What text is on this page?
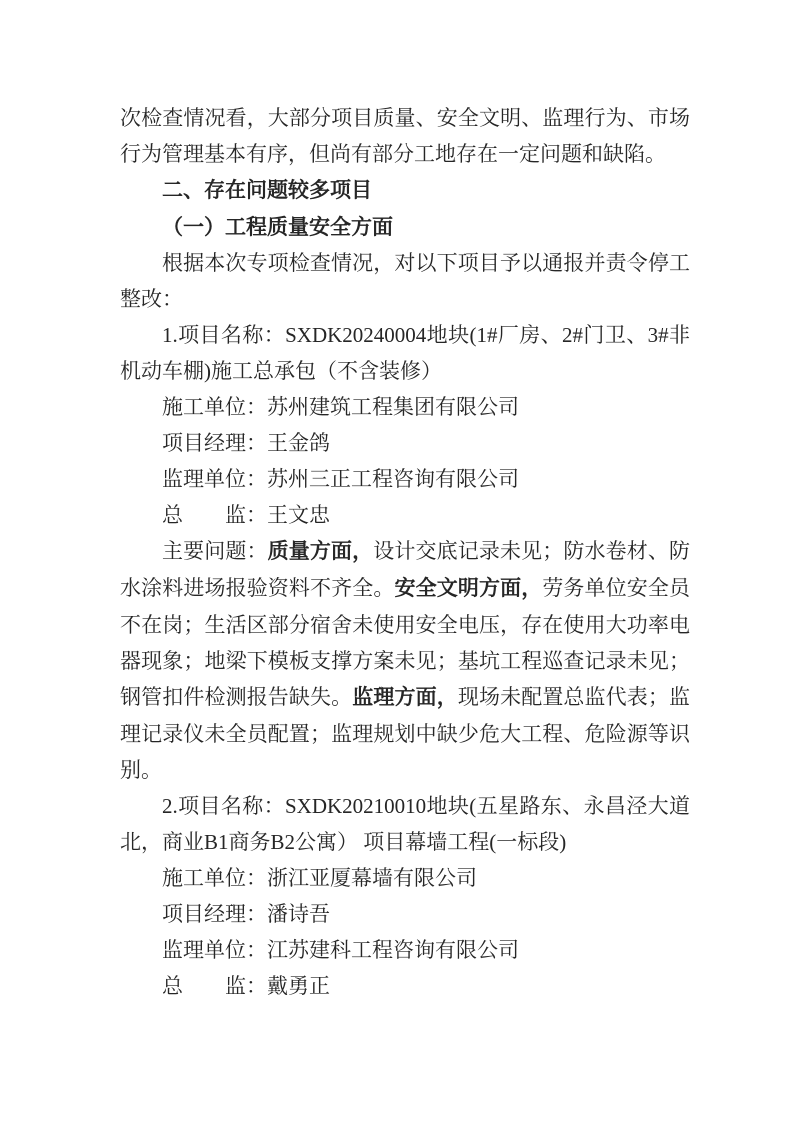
次检查情况看，大部分项目质量、安全文明、监理行为、市场行为管理基本有序，但尚有部分工地存在一定问题和缺陷。

二、存在问题较多项目

（一）工程质量安全方面

根据本次专项检查情况，对以下项目予以通报并责令停工整改：

1.项目名称：SXDK20240004地块(1#厂房、2#门卫、3#非机动车棚)施工总承包（不含装修）

施工单位：苏州建筑工程集团有限公司

项目经理：王金鸽

监理单位：苏州三正工程咨询有限公司

总　　监：王文忠

主要问题：质量方面，设计交底记录未见；防水卷材、防水涂料进场报验资料不齐全。安全文明方面，劳务单位安全员不在岗；生活区部分宿舍未使用安全电压，存在使用大功率电器现象；地梁下模板支撑方案未见；基坑工程巡查记录未见；钢管扣件检测报告缺失。监理方面，现场未配置总监代表；监理记录仪未全员配置；监理规划中缺少危大工程、危险源等识别。

2.项目名称：SXDK20210010地块(五星路东、永昌泾大道北，商业B1商务B2公寓） 项目幕墙工程(一标段)

施工单位：浙江亚厦幕墙有限公司

项目经理：潘诗吾

监理单位：江苏建科工程咨询有限公司

总　　监：戴勇正
